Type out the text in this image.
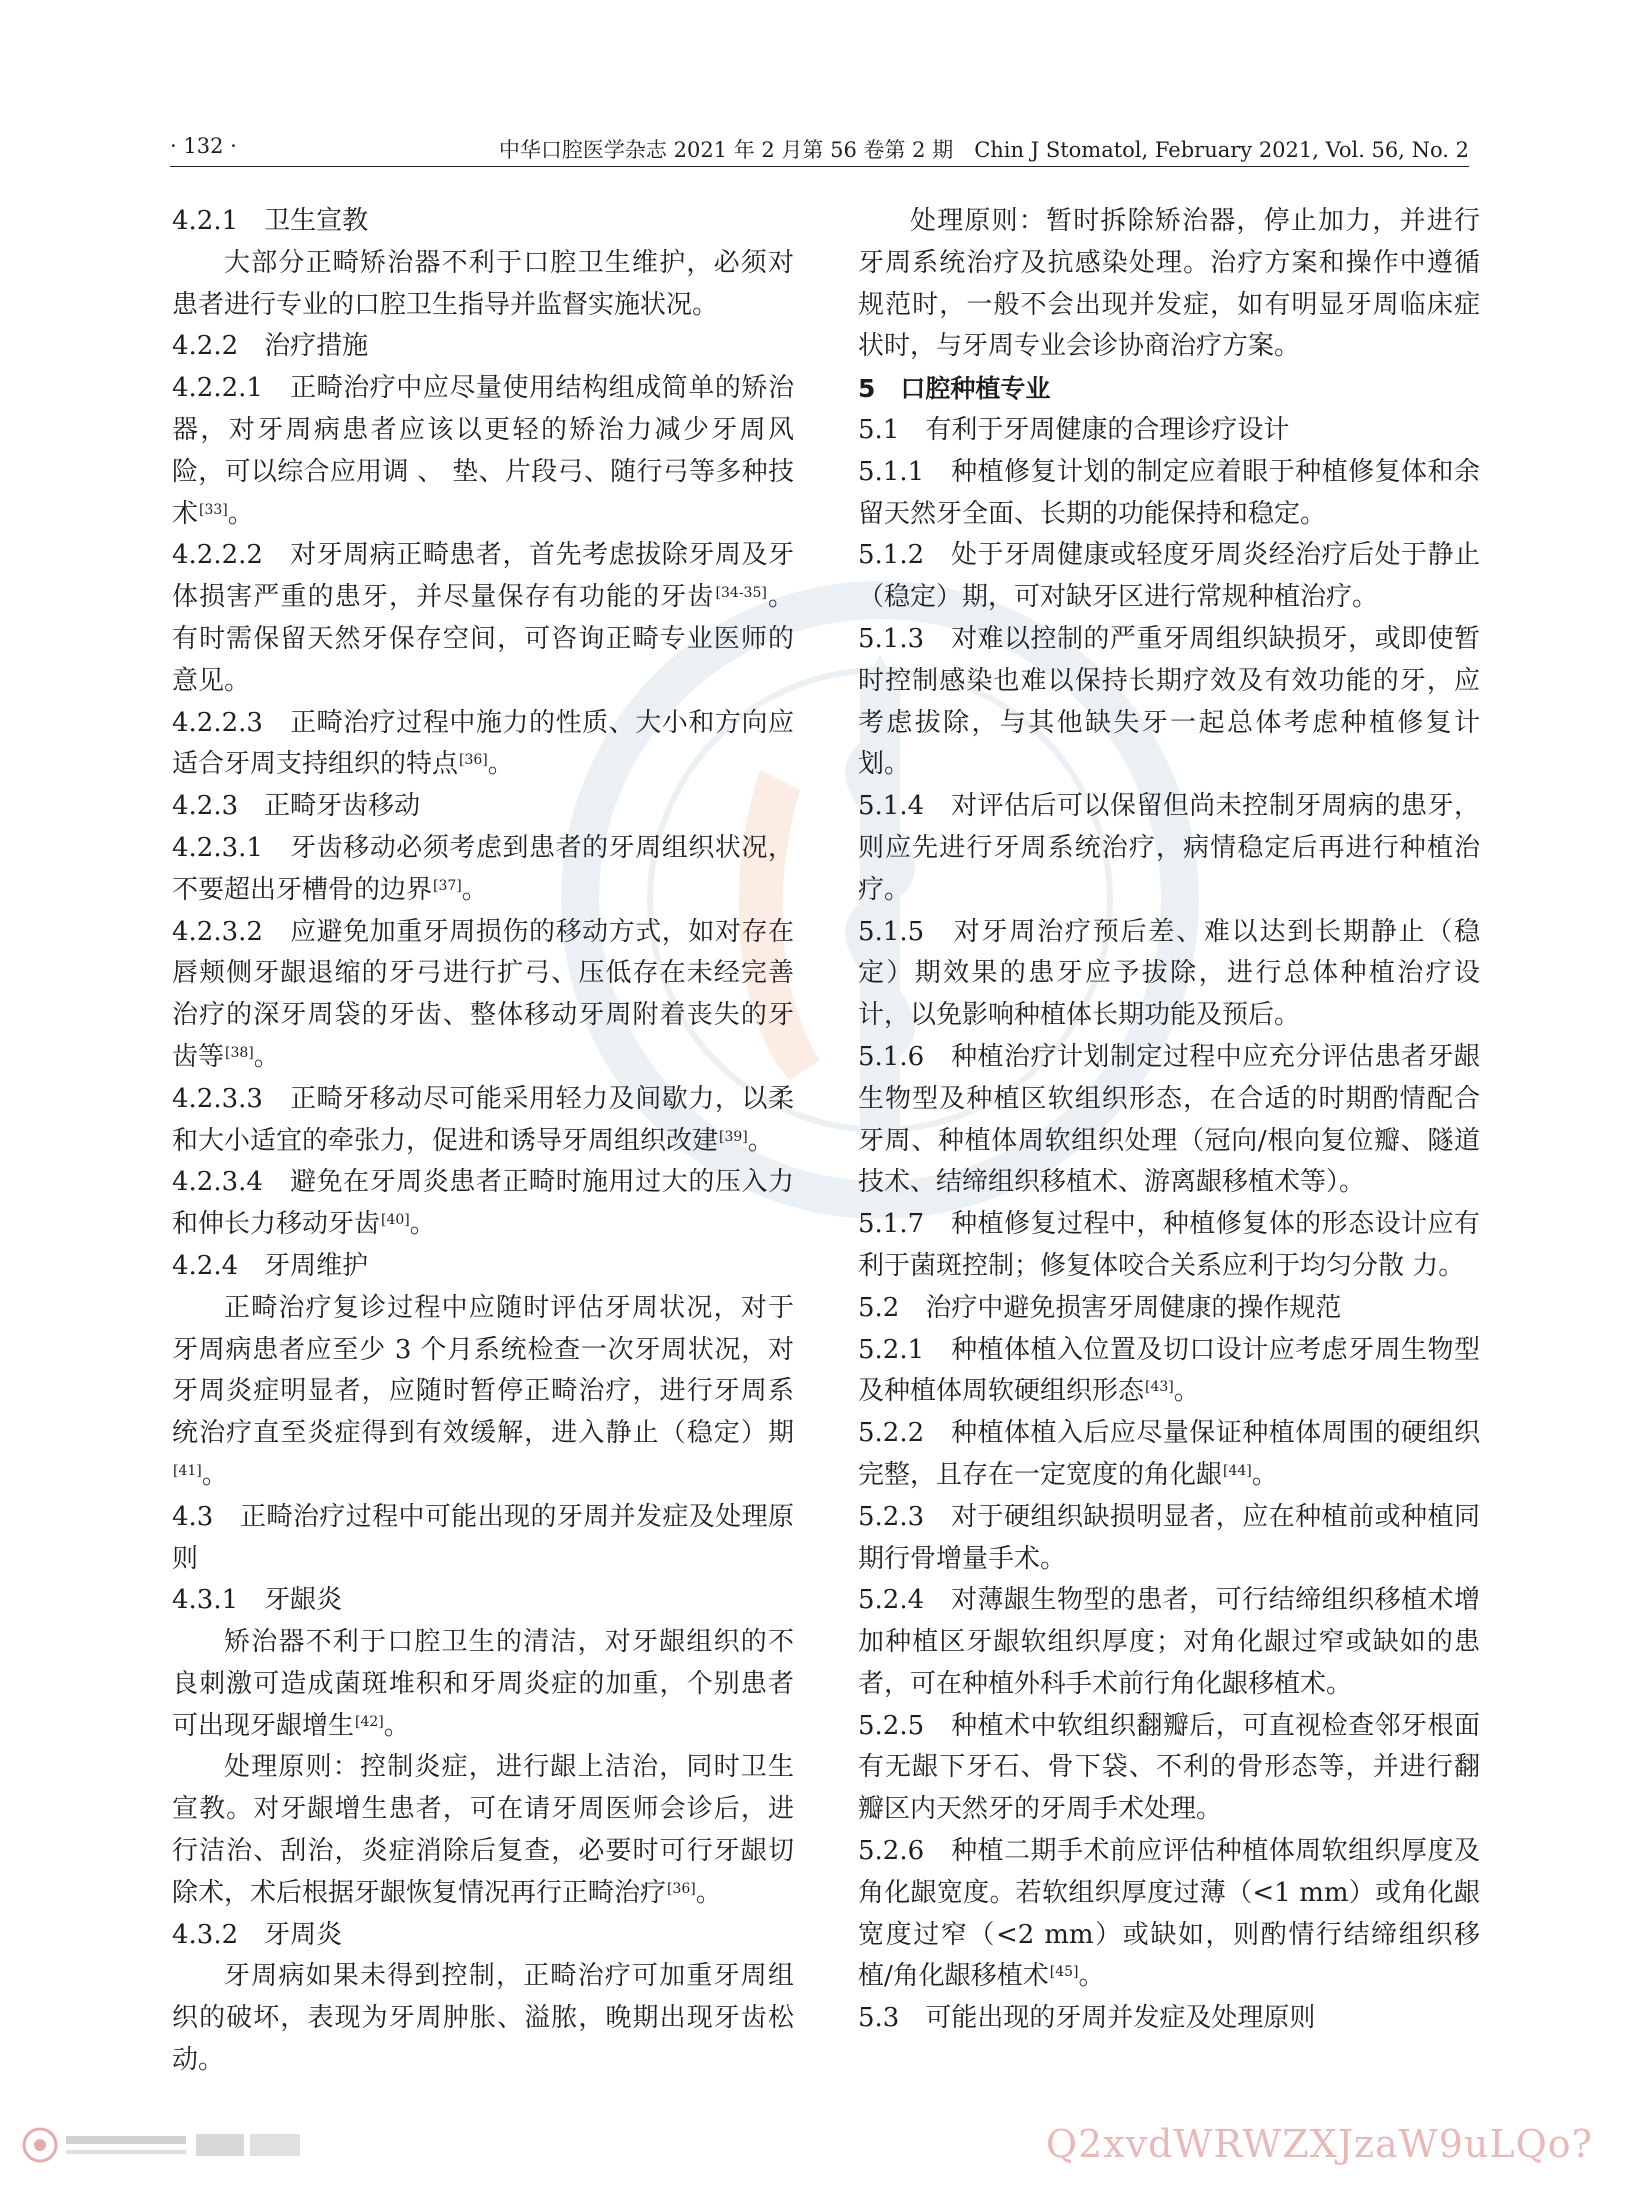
· 132 ·	中华口腔医学杂志 2021 年 2 月第 56 卷第 2 期　Chin J Stomatol, February 2021, Vol. 56, No. 2

4.2.1　卫生宣教

大部分正畸矫治器不利于口腔卫生维护，必须对患者进行专业的口腔卫生指导并监督实施状况。

4.2.2　治疗措施

4.2.2.1　正畸治疗中应尽量使用结构组成简单的矫治器，对牙周病患者应该以更轻的矫治力减少牙周风险，可以综合应用调 、 垫、片段弓、随行弓等多种技术[33]。

4.2.2.2　对牙周病正畸患者，首先考虑拔除牙周及牙体损害严重的患牙，并尽量保存有功能的牙齿[34-35]。有时需保留天然牙保存空间，可咨询正畸专业医师的意见。

4.2.2.3　正畸治疗过程中施力的性质、大小和方向应适合牙周支持组织的特点[36]。

4.2.3　正畸牙齿移动

4.2.3.1　牙齿移动必须考虑到患者的牙周组织状况，不要超出牙槽骨的边界[37]。

4.2.3.2　应避免加重牙周损伤的移动方式，如对存在唇颊侧牙龈退缩的牙弓进行扩弓、压低存在未经完善治疗的深牙周袋的牙齿、整体移动牙周附着丧失的牙齿等[38]。

4.2.3.3　正畸牙移动尽可能采用轻力及间歇力，以柔和大小适宜的牵张力，促进和诱导牙周组织改建[39]。

4.2.3.4　避免在牙周炎患者正畸时施用过大的压入力和伸长力移动牙齿[40]。

4.2.4　牙周维护

正畸治疗复诊过程中应随时评估牙周状况，对于牙周病患者应至少 3 个月系统检查一次牙周状况，对牙周炎症明显者，应随时暂停正畸治疗，进行牙周系统治疗直至炎症得到有效缓解，进入静止（稳定）期[41]。

4.3　正畸治疗过程中可能出现的牙周并发症及处理原则

4.3.1　牙龈炎

矫治器不利于口腔卫生的清洁，对牙龈组织的不良刺激可造成菌斑堆积和牙周炎症的加重，个别患者可出现牙龈增生[42]。

处理原则：控制炎症，进行龈上洁治，同时卫生宣教。对牙龈增生患者，可在请牙周医师会诊后，进行洁治、刮治，炎症消除后复查，必要时可行牙龈切除术，术后根据牙龈恢复情况再行正畸治疗[36]。

4.3.2　牙周炎

牙周病如果未得到控制，正畸治疗可加重牙周组织的破坏，表现为牙周肿胀、溢脓，晚期出现牙齿松动。

处理原则：暂时拆除矫治器，停止加力，并进行牙周系统治疗及抗感染处理。治疗方案和操作中遵循规范时，一般不会出现并发症，如有明显牙周临床症状时，与牙周专业会诊协商治疗方案。

5　口腔种植专业

5.1　有利于牙周健康的合理诊疗设计

5.1.1　种植修复计划的制定应着眼于种植修复体和余留天然牙全面、长期的功能保持和稳定。

5.1.2　处于牙周健康或轻度牙周炎经治疗后处于静止（稳定）期，可对缺牙区进行常规种植治疗。

5.1.3　对难以控制的严重牙周组织缺损牙，或即使暂时控制感染也难以保持长期疗效及有效功能的牙，应考虑拔除，与其他缺失牙一起总体考虑种植修复计划。

5.1.4　对评估后可以保留但尚未控制牙周病的患牙，则应先进行牙周系统治疗，病情稳定后再进行种植治疗。

5.1.5　对牙周治疗预后差、难以达到长期静止（稳定）期效果的患牙应予拔除，进行总体种植治疗设计，以免影响种植体长期功能及预后。

5.1.6　种植治疗计划制定过程中应充分评估患者牙龈生物型及种植区软组织形态，在合适的时期酌情配合牙周、种植体周软组织处理（冠向/根向复位瓣、隧道技术、结缔组织移植术、游离龈移植术等）。

5.1.7　种植修复过程中，种植修复体的形态设计应有利于菌斑控制；修复体咬合关系应利于均匀分散 力。

5.2　治疗中避免损害牙周健康的操作规范

5.2.1　种植体植入位置及切口设计应考虑牙周生物型及种植体周软硬组织形态[43]。

5.2.2　种植体植入后应尽量保证种植体周围的硬组织完整，且存在一定宽度的角化龈[44]。

5.2.3　对于硬组织缺损明显者，应在种植前或种植同期行骨增量手术。

5.2.4　对薄龈生物型的患者，可行结缔组织移植术增加种植区牙龈软组织厚度；对角化龈过窄或缺如的患者，可在种植外科手术前行角化龈移植术。

5.2.5　种植术中软组织翻瓣后，可直视检查邻牙根面有无龈下牙石、骨下袋、不利的骨形态等，并进行翻瓣区内天然牙的牙周手术处理。

5.2.6　种植二期手术前应评估种植体周软组织厚度及角化龈宽度。若软组织厚度过薄（<1 mm）或角化龈宽度过窄（<2 mm）或缺如，则酌情行结缔组织移植/角化龈移植术[45]。

5.3　可能出现的牙周并发症及处理原则

Q2xvdWRWZXJzaW9uLQo?
